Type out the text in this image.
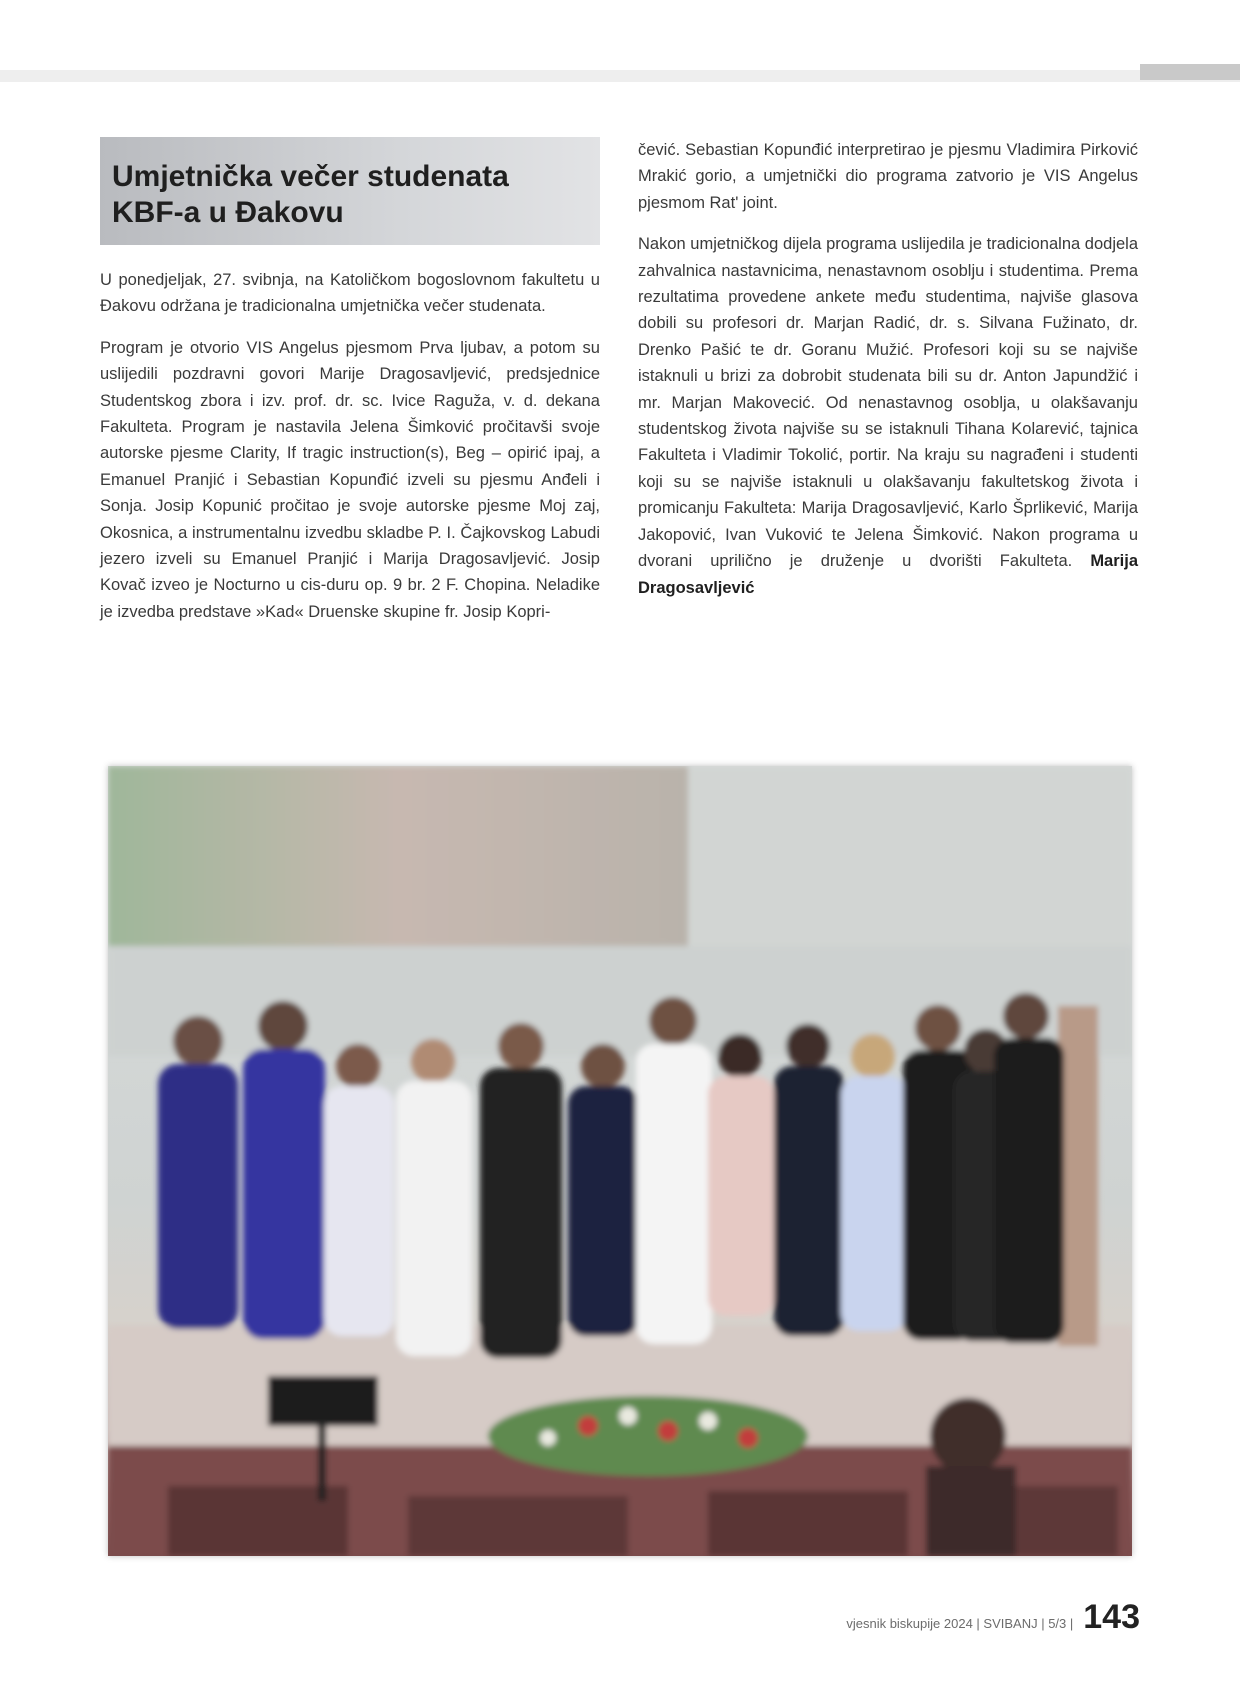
Umjetnička večer studenata KBF-a u Đakovu

U ponedjeljak, 27. svibnja, na Katoličkom bogoslovnom fakultetu u Đakovu održana je tradicionalna umjetnička večer studenata.

Program je otvorio VIS Angelus pjesmom Prva ljubav, a potom su uslijedili pozdravni govori Marije Dragosavljević, predsjednice Studentskog zbora i izv. prof. dr. sc. Ivice Raguža, v. d. dekana Fakulteta. Program je nastavila Jelena Šimković pročitavši svoje autorske pjesme Clarity, If tragic instruction(s), Beg – opirić ipaj, a Emanuel Pranjić i Sebastian Kopunđić izveli su pjesmu Anđeli i Sonja. Josip Kopunić pročitao je svoje autorske pjesme Moj zaj, Okosnica, a instrumentalnu izvedbu skladbe P. I. Čajkovskog Labudi jezero izveli su Emanuel Pranjić i Marija Dragosavljević. Josip Kovač izveo je Nocturno u cis-duru op. 9 br. 2 F. Chopina. Neladike je izvedba predstave »Kad« Druenske skupine fr. Josip Kopri-

čević. Sebastian Kopunđić interpretirao je pjesmu Vladimira Pirković Mrakić gorio, a umjetnički dio programa zatvorio je VIS Angelus pjesmom Rat' joint.

Nakon umjetničkog dijela programa uslijedila je tradicionalna dodjela zahvalnica nastavnicima, nenastavnom osoblju i studentima. Prema rezultatima provedene ankete među studentima, najviše glasova dobili su profesori dr. Marjan Radić, dr. s. Silvana Fužinato, dr. Drenko Pašić te dr. Goranu Mužić. Profesori koji su se najviše istaknuli u brizi za dobrobit studenata bili su dr. Anton Japundžić i mr. Marjan Makovecić. Od nenastavnog osoblja, u olakšavanju studentskog života najviše su se istaknuli Tihana Kolarević, tajnica Fakulteta i Vladimir Tokolić, portir. Na kraju su nagrađeni i studenti koji su se najviše istaknuli u olakšavanju fakultetskog života i promicanju Fakulteta: Marija Dragosavljević, Karlo Šprlikević, Marija Jakopović, Ivan Vuković te Jelena Šimković. Nakon programa u dvorani uprilično je druženje u dvorišti Fakulteta. Marija Dragosavljević

vjesnik biskupije 2024 | SVIBANJ | 5/3 | 143
